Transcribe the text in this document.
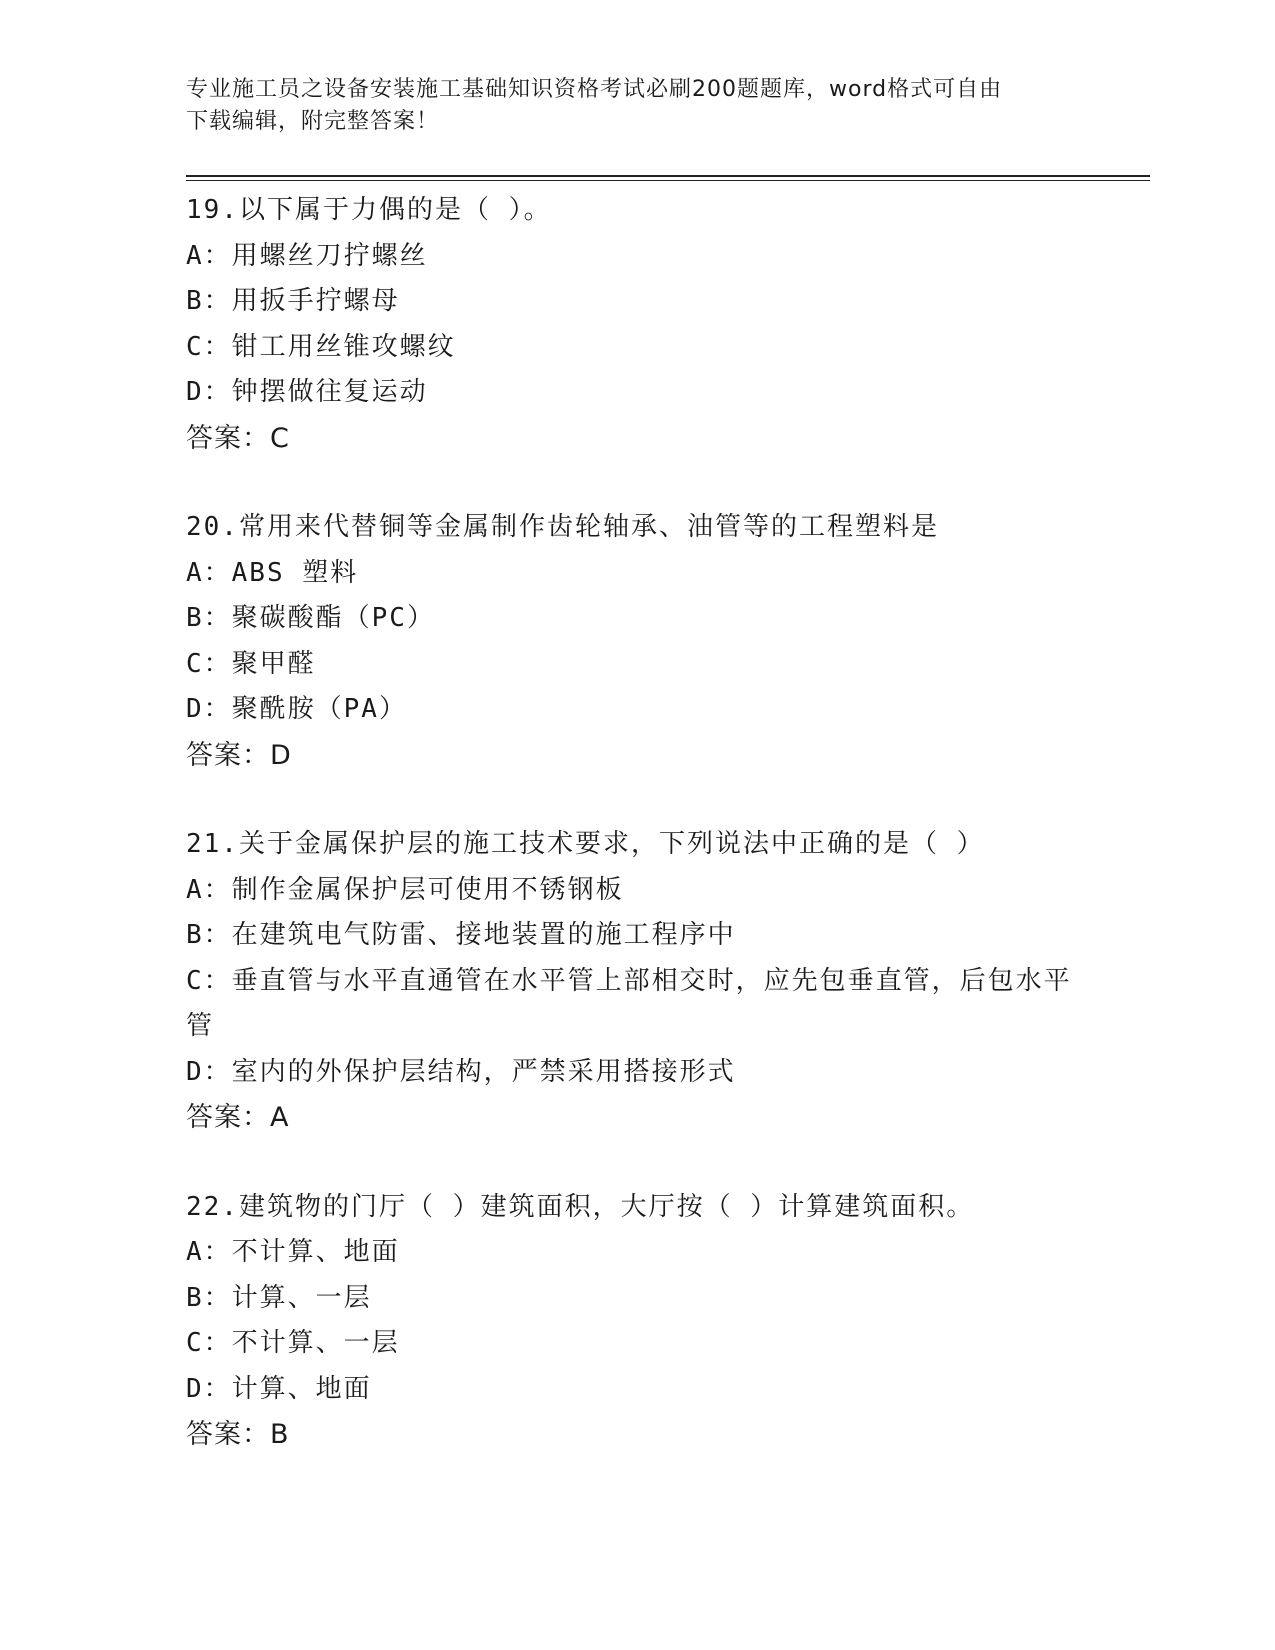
专业施工员之设备安装施工基础知识资格考试必刷200题题库，word格式可自由
下载编辑，附完整答案！
19.以下属于力偶的是（ ）。
A：用螺丝刀拧螺丝
B：用扳手拧螺母
C：钳工用丝锥攻螺纹
D：钟摆做往复运动
答案：C
20.常用来代替铜等金属制作齿轮轴承、油管等的工程塑料是
A：ABS 塑料
B：聚碳酸酯（PC）
C：聚甲醛
D：聚酰胺（PA）
答案：D
21.关于金属保护层的施工技术要求，下列说法中正确的是（ ）
A：制作金属保护层可使用不锈钢板
B：在建筑电气防雷、接地装置的施工程序中
C：垂直管与水平直通管在水平管上部相交时，应先包垂直管，后包水平管
D：室内的外保护层结构，严禁采用搭接形式
答案：A
22.建筑物的门厅（ ）建筑面积，大厅按（ ）计算建筑面积。
A：不计算、地面
B：计算、一层
C：不计算、一层
D：计算、地面
答案：B
